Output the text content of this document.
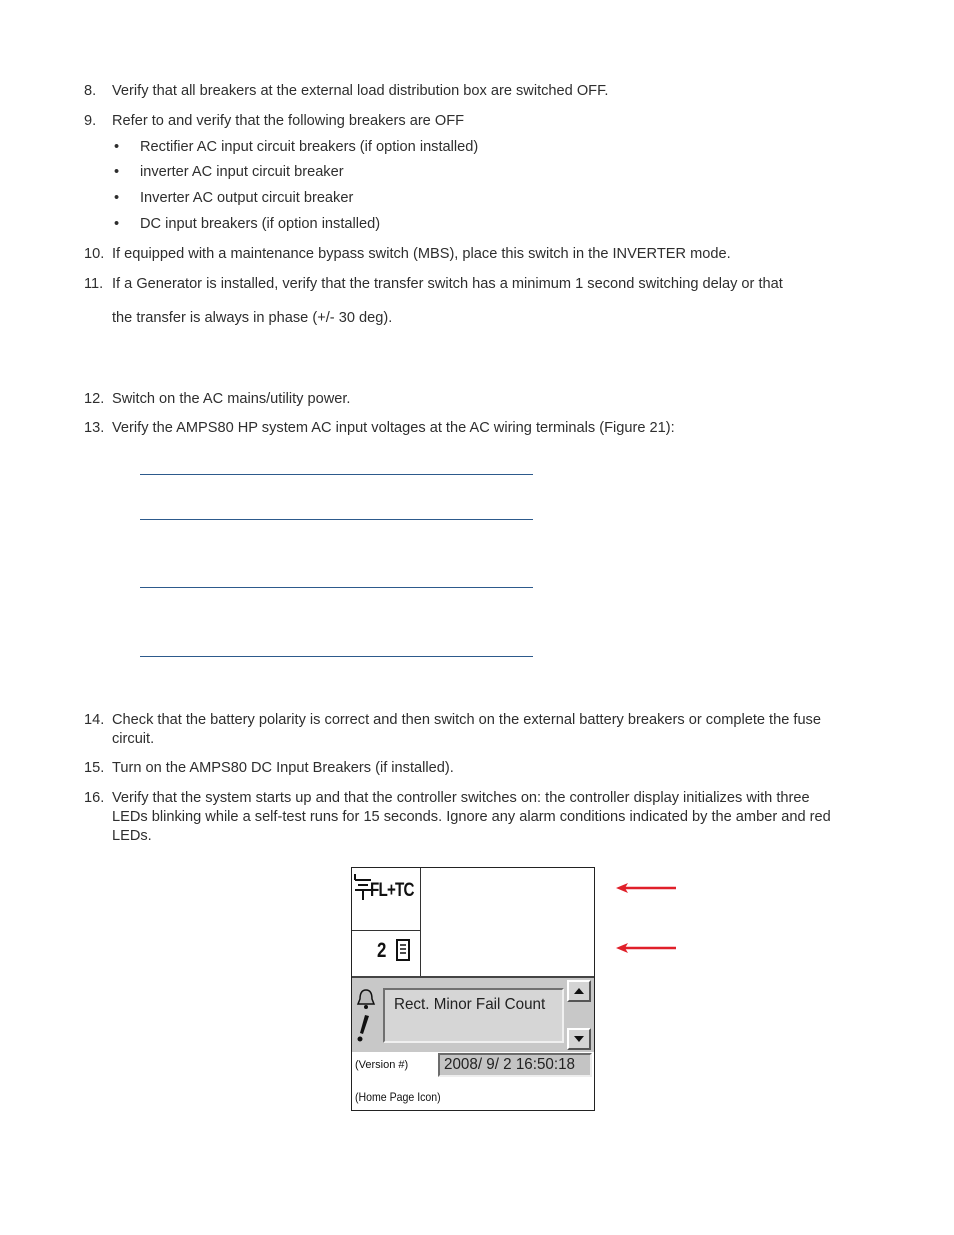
8. Verify that all breakers at the external load distribution box are switched OFF.
9. Refer to and verify that the following breakers are OFF
• Rectifier AC input circuit breakers (if option installed)
• inverter AC input circuit breaker
• Inverter AC output circuit breaker
• DC input breakers (if option installed)
10. If equipped with a maintenance bypass switch (MBS), place this switch in the INVERTER mode.
11. If a Generator is installed, verify that the transfer switch has a minimum 1 second switching delay or that
the transfer is always in phase (+/- 30 deg).
12. Switch on the AC mains/utility power.
13. Verify the AMPS80 HP system AC input voltages at the AC wiring terminals (Figure 21):
14. Check that the battery polarity is correct and then switch on the external battery breakers or complete the fuse circuit.
15. Turn on the AMPS80 DC Input Breakers (if installed).
16. Verify that the system starts up and that the controller switches on: the controller display initializes with three LEDs blinking while a self-test runs for 15 seconds. Ignore any alarm conditions indicated by the amber and red LEDs.
FL+TC
2
Rect. Minor Fail Count
(Version #) 2008/ 9/ 2 16:50:18
(Home Page Icon)
